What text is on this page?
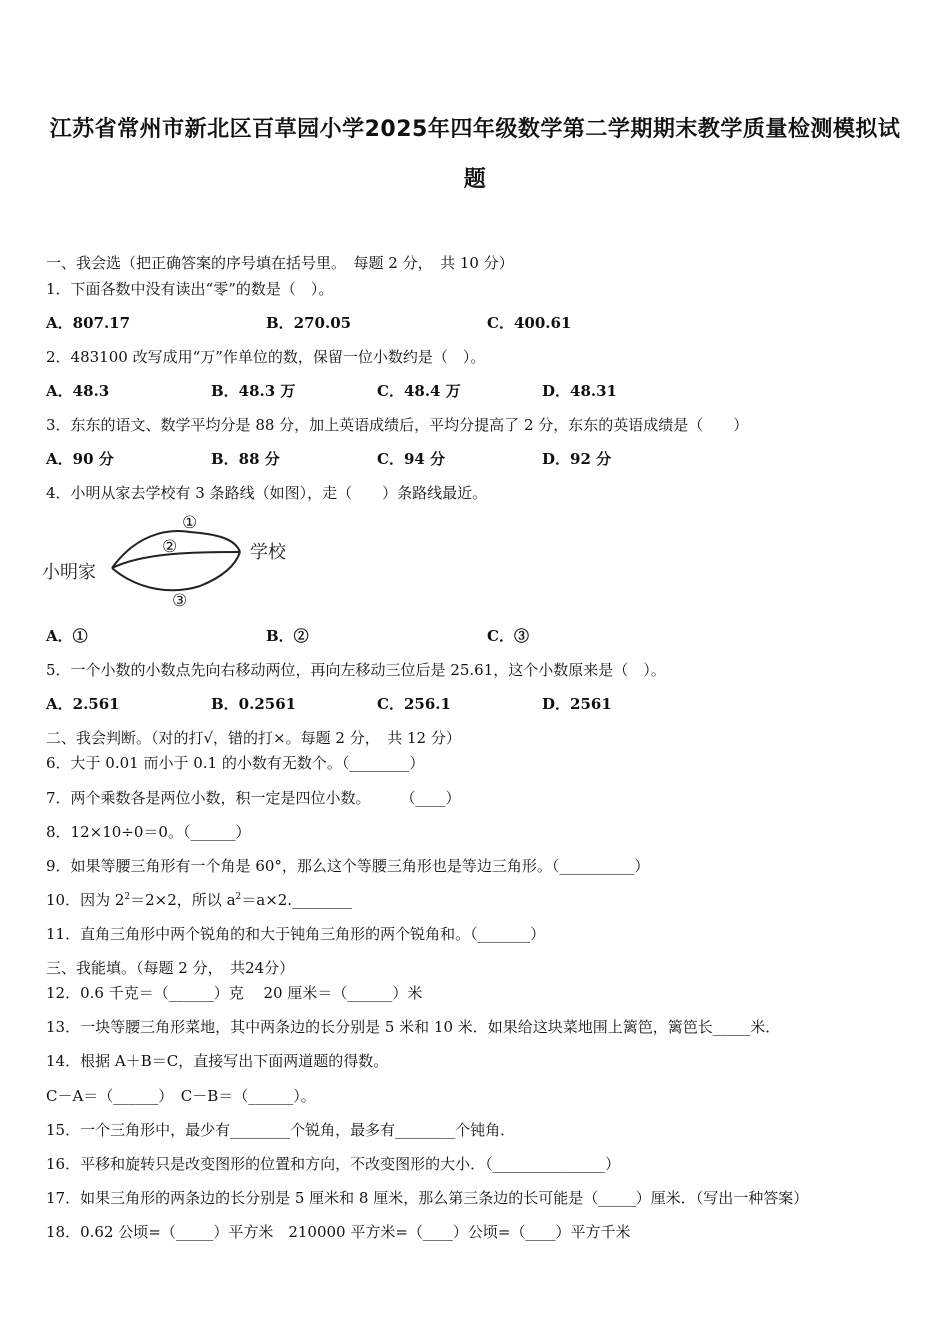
江苏省常州市新北区百草园小学2025年四年级数学第二学期期末教学质量检测模拟试
题
一、我会选（把正确答案的序号填在括号里。　每题 2 分，　共 10 分）
1．下面各数中没有读出“零”的数是（　）。
A．807.17	B．270.05	C．400.61
2．483100 改写成用“万”作单位的数，保留一位小数约是（　）。
A．48.3	B．48.3 万	C．48.4 万	D．48.31
3．东东的语文、数学平均分是 88 分，加上英语成绩后，平均分提高了 2 分，东东的英语成绩是（　　）
A．90 分	B．88 分	C．94 分	D．92 分
4．小明从家去学校有 3 条路线（如图），走（　　）条路线最近。
小明家
学校
①
②
③
A．①	B．②	C．③
5．一个小数的小数点先向右移动两位，再向左移动三位后是 25.61，这个小数原来是（　）。
A．2.561	B．0.2561	C．256.1	D．2561
二、我会判断。（对的打√，错的打×。每题 2 分，　共 12 分）
6．大于 0.01 而小于 0.1 的小数有无数个。（________）
7．两个乘数各是两位小数，积一定是四位小数。　　　（____）
8．12×10÷0＝0。（______）
9．如果等腰三角形有一个角是 60°，那么这个等腰三角形也是等边三角形。（__________）
10．因为 $2^2=2\times 2$，所以 $a^2=a\times 2.\_\_\_\_\_\_\_\_$
11．直角三角形中两个锐角的和大于钝角三角形的两个锐角和。（_______）
三、我能填。（每题 2 分，　共24分）
12．0.6 千克＝（______）克　 20 厘米＝（______）米
13．一块等腰三角形菜地，其中两条边的长分别是 5 米和 10 米．如果给这块菜地围上篱笆，篱笆长_____米．
14．根据 A＋B＝C，直接写出下面两道题的得数。
C－A＝（______）　C－B＝（______）。
15．一个三角形中，最少有________个锐角，最多有________个钝角．
16．平移和旋转只是改变图形的位置和方向，不改变图形的大小．（_______________）
17．如果三角形的两条边的长分别是 5 厘米和 8 厘米，那么第三条边的长可能是（_____）厘米．（写出一种答案）
18．0.62 公顷=（_____）平方米　210000 平方米=（____）公顷=（____）平方千米
